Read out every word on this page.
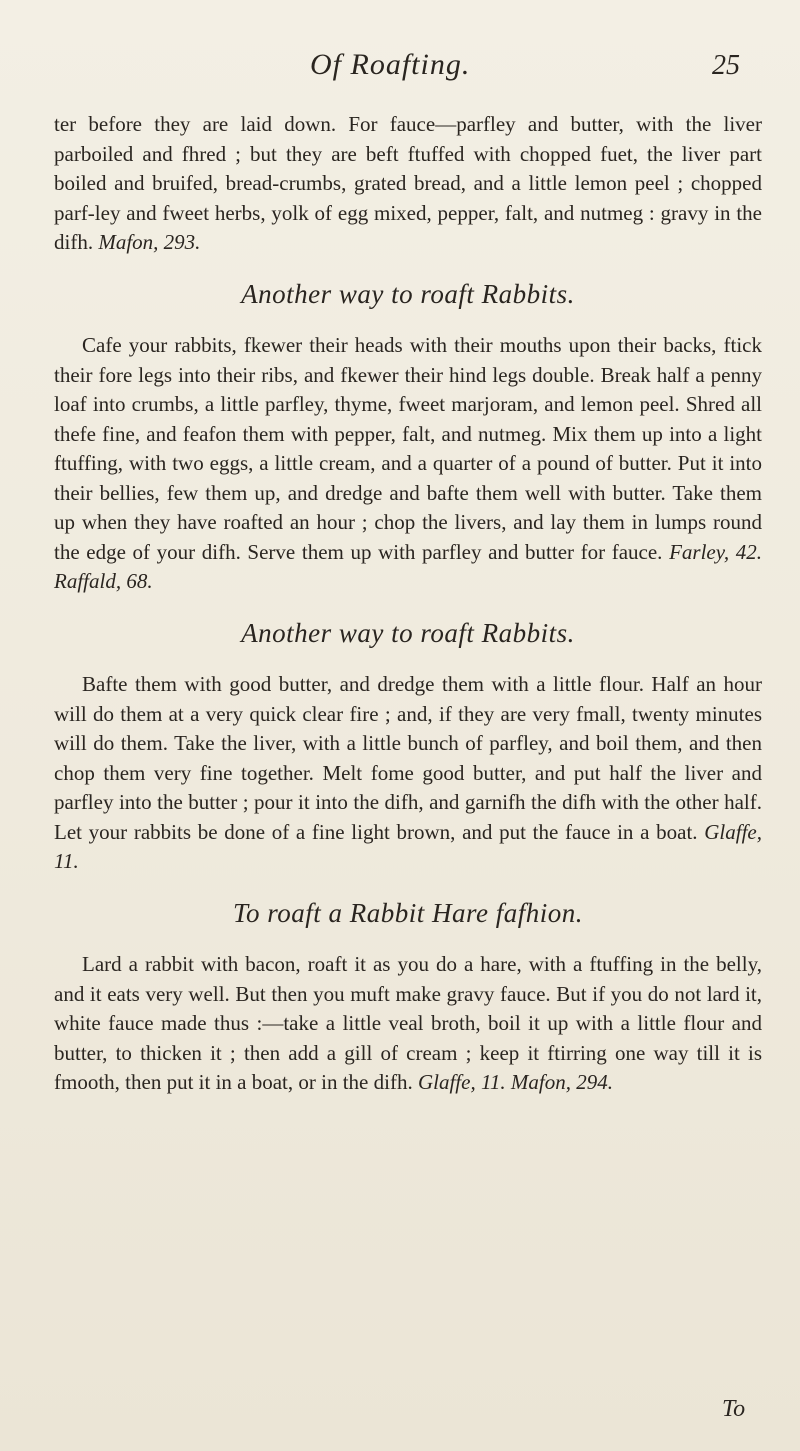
Of Roafting.	25

ter before they are laid down. For fauce—parfley and butter, with the liver parboiled and fhred ; but they are beft ftuffed with chopped fuet, the liver part boiled and bruifed, bread-crumbs, grated bread, and a little lemon peel ; chopped parf-ley and fweet herbs, yolk of egg mixed, pepper, falt, and nutmeg : gravy in the difh. Mafon, 293.

Another way to roaft Rabbits.

Cafe your rabbits, fkewer their heads with their mouths upon their backs, ftick their fore legs into their ribs, and fkewer their hind legs double. Break half a penny loaf into crumbs, a little parfley, thyme, fweet marjoram, and lemon peel. Shred all thefe fine, and feafon them with pepper, falt, and nutmeg. Mix them up into a light ftuffing, with two eggs, a little cream, and a quarter of a pound of butter. Put it into their bellies, few them up, and dredge and bafte them well with butter. Take them up when they have roafted an hour ; chop the livers, and lay them in lumps round the edge of your difh. Serve them up with parfley and butter for fauce. Farley, 42. Raffald, 68.

Another way to roaft Rabbits.

Bafte them with good butter, and dredge them with a little flour. Half an hour will do them at a very quick clear fire ; and, if they are very fmall, twenty minutes will do them. Take the liver, with a little bunch of parfley, and boil them, and then chop them very fine together. Melt fome good butter, and put half the liver and parfley into the butter ; pour it into the difh, and garnifh the difh with the other half. Let your rabbits be done of a fine light brown, and put the fauce in a boat. Glaffe, 11.

To roaft a Rabbit Hare fafhion.

Lard a rabbit with bacon, roaft it as you do a hare, with a ftuffing in the belly, and it eats very well. But then you muft make gravy fauce. But if you do not lard it, white fauce made thus :—take a little veal broth, boil it up with a little flour and butter, to thicken it ; then add a gill of cream ; keep it ftirring one way till it is fmooth, then put it in a boat, or in the difh. Glaffe, 11. Mafon, 294.

To
